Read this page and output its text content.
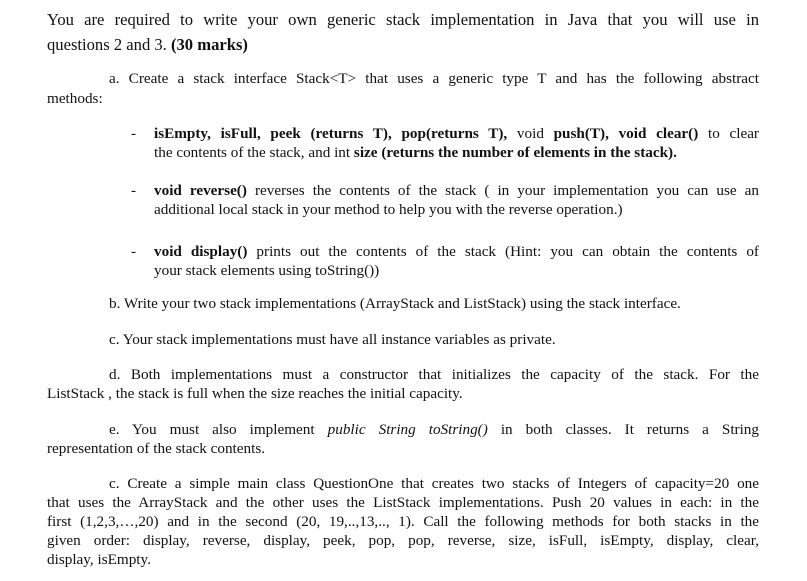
You are required to write your own generic stack implementation in Java that you will use in
questions 2 and 3. (30 marks)
a. Create a stack interface Stack<T> that uses a generic type T and has the following abstract
methods:
- isEmpty, isFull, peek (returns T), pop(returns T), void push(T), void clear() to clear
the contents of the stack, and int size (returns the number of elements in the stack).
- void reverse() reverses the contents of the stack ( in your implementation you can use an
additional local stack in your method to help you with the reverse operation.)
- void display() prints out the contents of the stack (Hint: you can obtain the contents of
your stack elements using toString())
b. Write your two stack implementations (ArrayStack and ListStack) using the stack interface.
c. Your stack implementations must have all instance variables as private.
d. Both implementations must a constructor that initializes the capacity of the stack. For the
ListStack , the stack is full when the size reaches the initial capacity.
e. You must also implement public String toString() in both classes. It returns a String
representation of the stack contents.
c. Create a simple main class QuestionOne that creates two stacks of Integers of capacity=20 one
that uses the ArrayStack and the other uses the ListStack implementations. Push 20 values in each: in the
first (1,2,3,…,20) and in the second (20, 19,..,13,.., 1). Call the following methods for both stacks in the
given order: display, reverse, display, peek, pop, pop, reverse, size, isFull, isEmpty, display, clear,
display, isEmpty.
